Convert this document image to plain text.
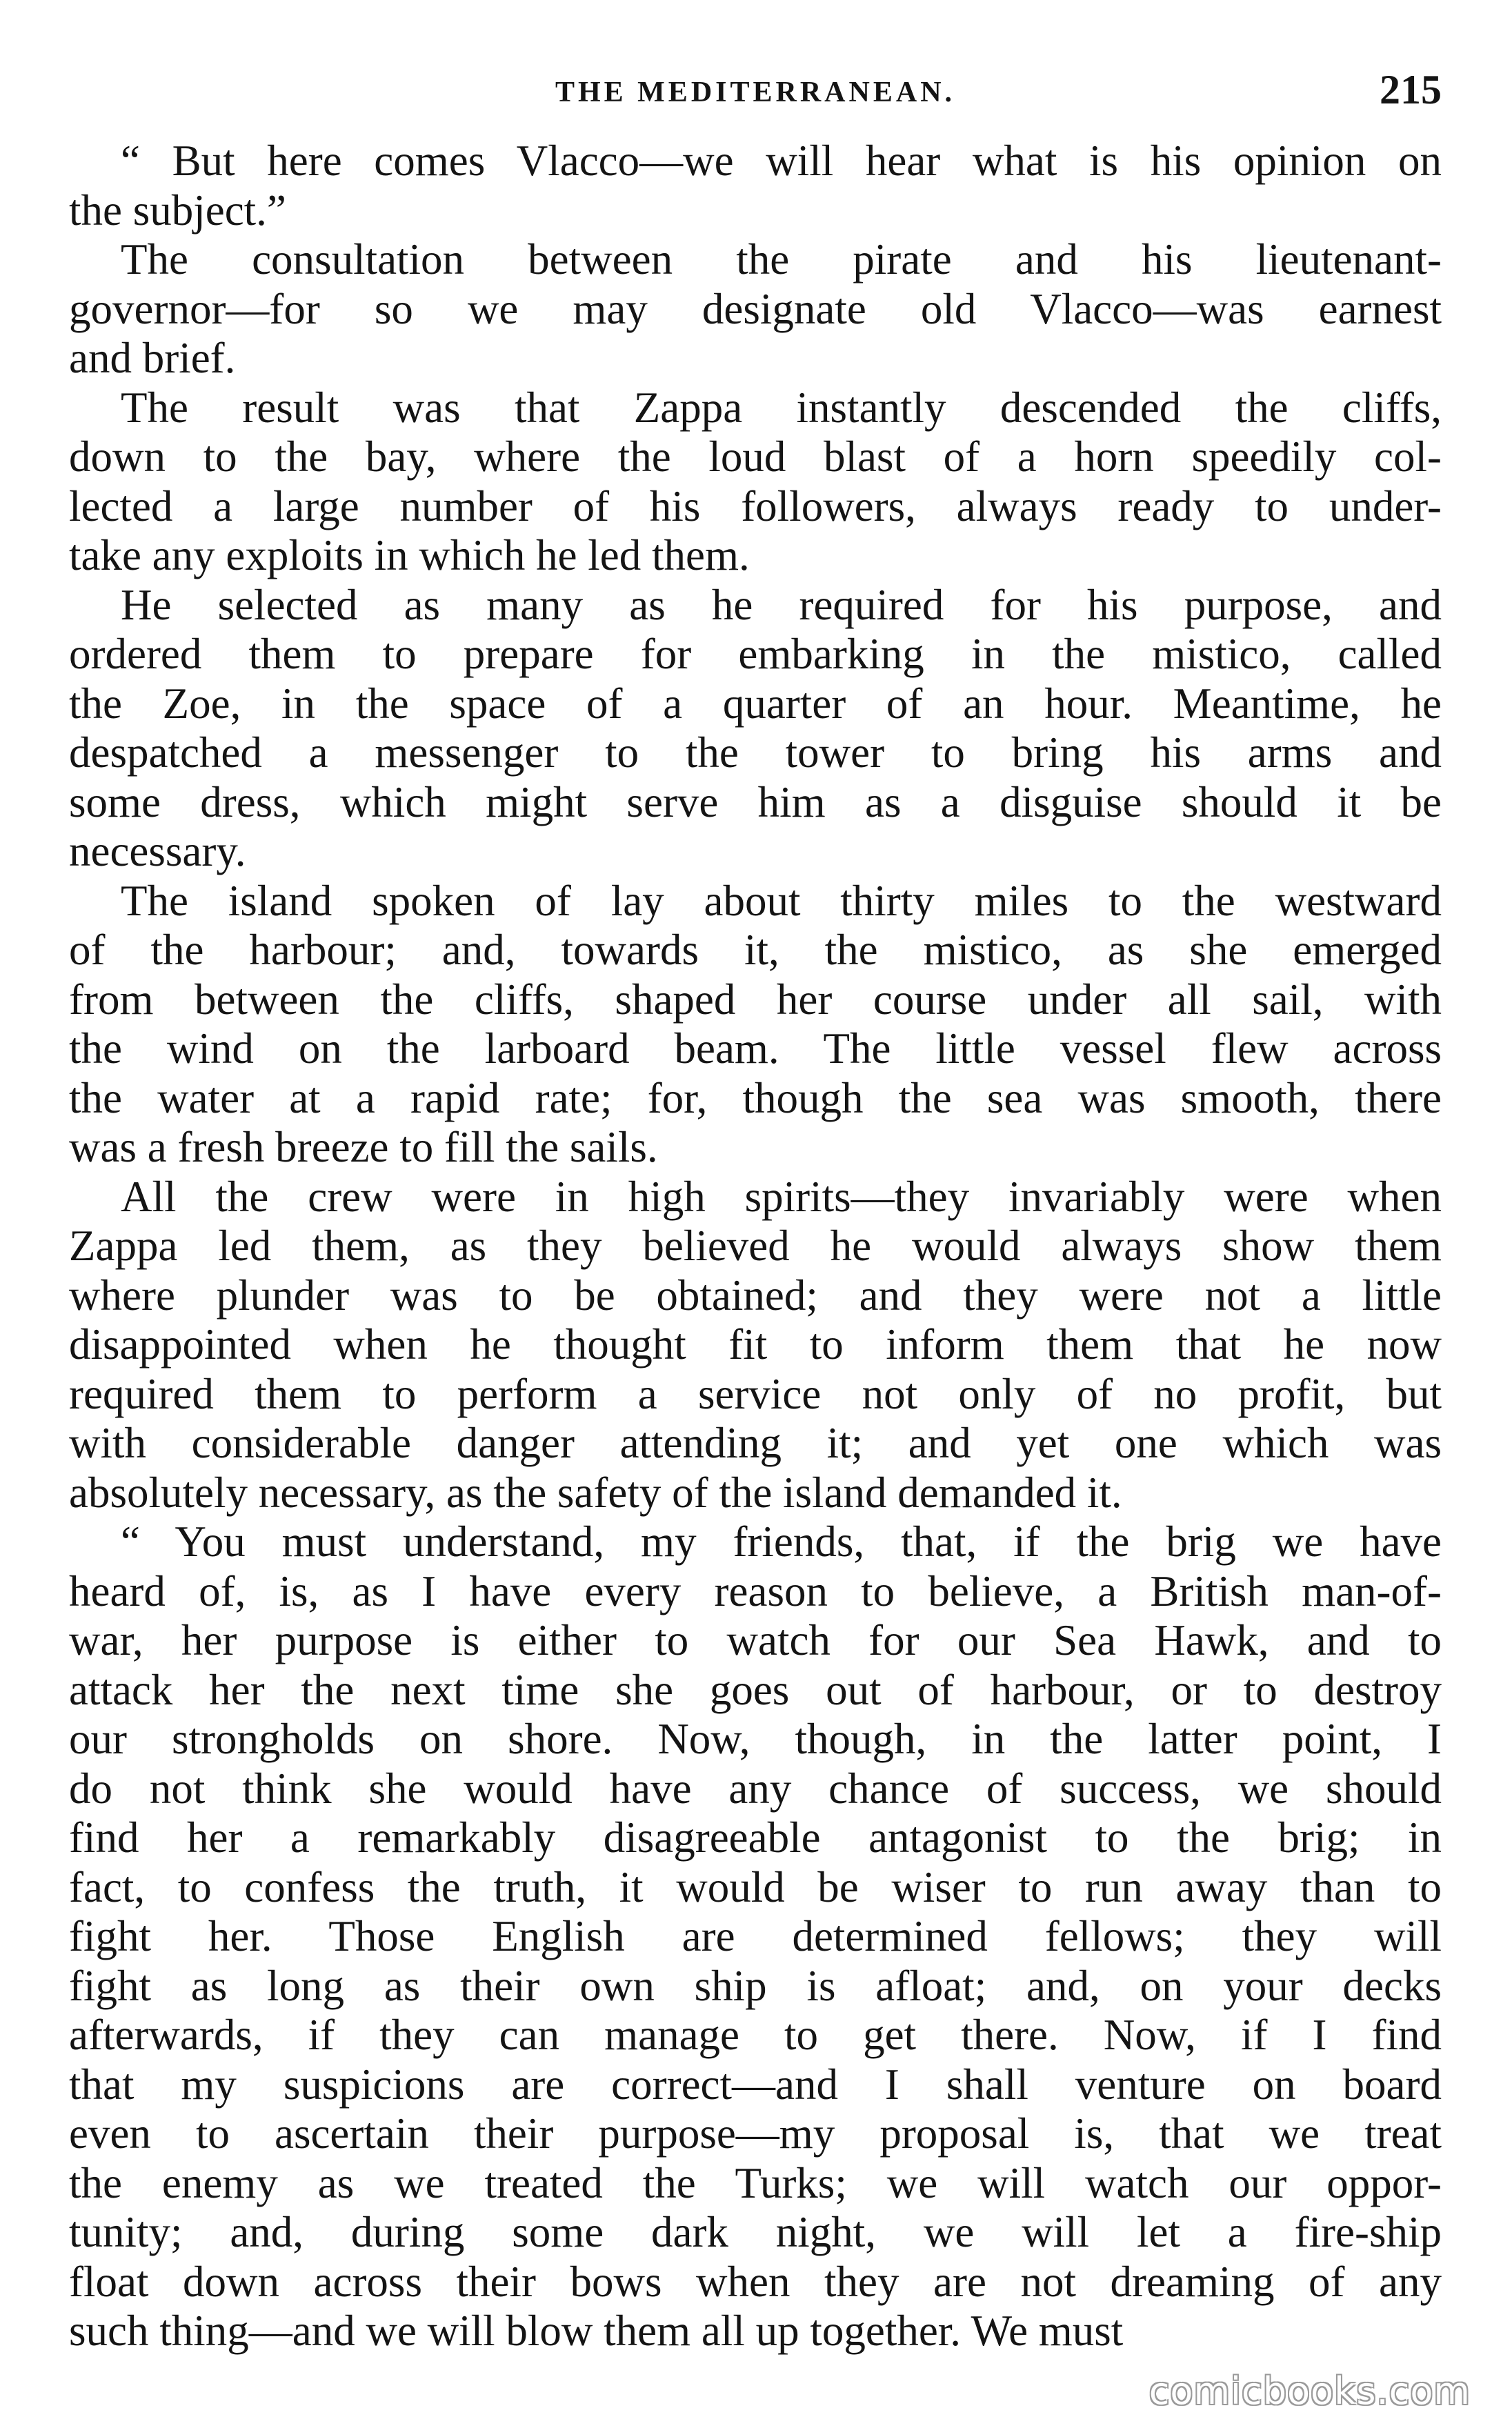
THE MEDITERRANEAN.	215
“ But here comes Vlacco—we will hear what is his opinion on
the subject.”
The consultation between the pirate and his lieutenant-
governor—for so we may designate old Vlacco—was earnest
and brief.
The result was that Zappa instantly descended the cliffs,
down to the bay, where the loud blast of a horn speedily col-
lected a large number of his followers, always ready to under-
take any exploits in which he led them.
He selected as many as he required for his purpose, and
ordered them to prepare for embarking in the mistico, called
the Zoe, in the space of a quarter of an hour. Meantime, he
despatched a messenger to the tower to bring his arms and
some dress, which might serve him as a disguise should it be
necessary.
The island spoken of lay about thirty miles to the westward
of the harbour; and, towards it, the mistico, as she emerged
from between the cliffs, shaped her course under all sail, with
the wind on the larboard beam. The little vessel flew across
the water at a rapid rate; for, though the sea was smooth, there
was a fresh breeze to fill the sails.
All the crew were in high spirits—they invariably were when
Zappa led them, as they believed he would always show them
where plunder was to be obtained; and they were not a little
disappointed when he thought fit to inform them that he now
required them to perform a service not only of no profit, but
with considerable danger attending it; and yet one which was
absolutely necessary, as the safety of the island demanded it.
“ You must understand, my friends, that, if the brig we have
heard of, is, as I have every reason to believe, a British man-of-
war, her purpose is either to watch for our Sea Hawk, and to
attack her the next time she goes out of harbour, or to destroy
our strongholds on shore. Now, though, in the latter point, I
do not think she would have any chance of success, we should
find her a remarkably disagreeable antagonist to the brig; in
fact, to confess the truth, it would be wiser to run away than to
fight her. Those English are determined fellows; they will
fight as long as their own ship is afloat; and, on your decks
afterwards, if they can manage to get there. Now, if I find
that my suspicions are correct—and I shall venture on board
even to ascertain their purpose—my proposal is, that we treat
the enemy as we treated the Turks; we will watch our oppor-
tunity; and, during some dark night, we will let a fire-ship
float down across their bows when they are not dreaming of any
such thing—and we will blow them all up together. We must
comicbooks.com
